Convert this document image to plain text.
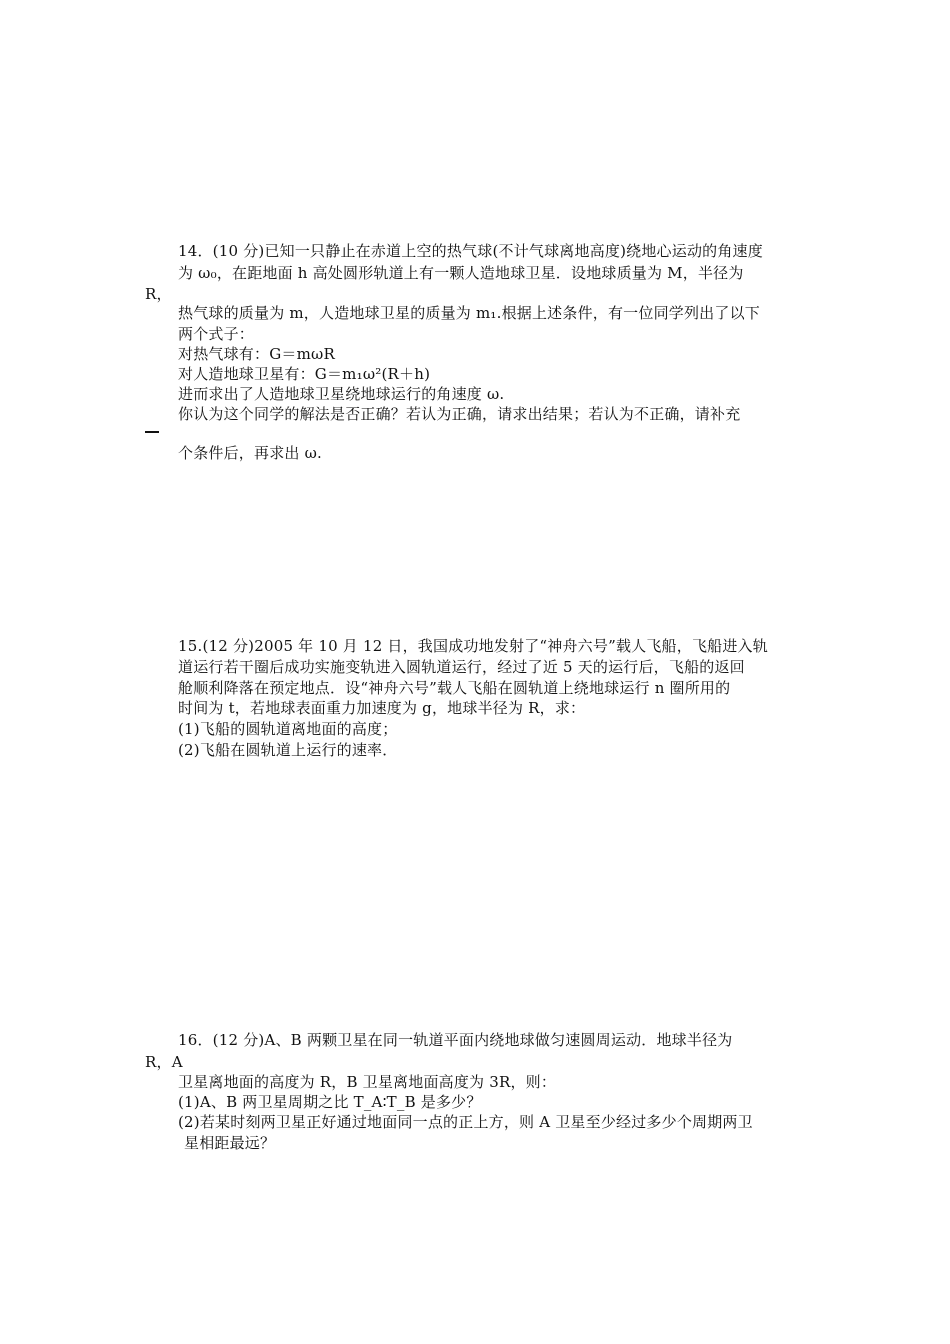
14．(10 分)已知一只静止在赤道上空的热气球(不计气球离地高度)绕地心运动的角速度
为 ω₀，在距地面 h 高处圆形轨道上有一颗人造地球卫星．设地球质量为 M，半径为
R，
热气球的质量为 m，人造地球卫星的质量为 m₁.根据上述条件，有一位同学列出了以下
两个式子：
对热气球有：G＝mωR
对人造地球卫星有：G＝m₁ω²(R＋h)
进而求出了人造地球卫星绕地球运行的角速度 ω.
你认为这个同学的解法是否正确？若认为正确，请求出结果；若认为不正确，请补充
个条件后，再求出 ω.
15.(12 分)2005 年 10 月 12 日，我国成功地发射了“神舟六号”载人飞船，飞船进入轨
道运行若干圈后成功实施变轨进入圆轨道运行，经过了近 5 天的运行后，飞船的返回
舱顺利降落在预定地点．设“神舟六号”载人飞船在圆轨道上绕地球运行 n 圈所用的
时间为 t，若地球表面重力加速度为 g，地球半径为 R，求：
(1)飞船的圆轨道离地面的高度；
(2)飞船在圆轨道上运行的速率．
16．(12 分)A、B 两颗卫星在同一轨道平面内绕地球做匀速圆周运动．地球半径为
R，A
卫星离地面的高度为 R，B 卫星离地面高度为 3R，则：
(1)A、B 两卫星周期之比 T_A∶T_B 是多少？
(2)若某时刻两卫星正好通过地面同一点的正上方，则 A 卫星至少经过多少个周期两卫
星相距最远？
